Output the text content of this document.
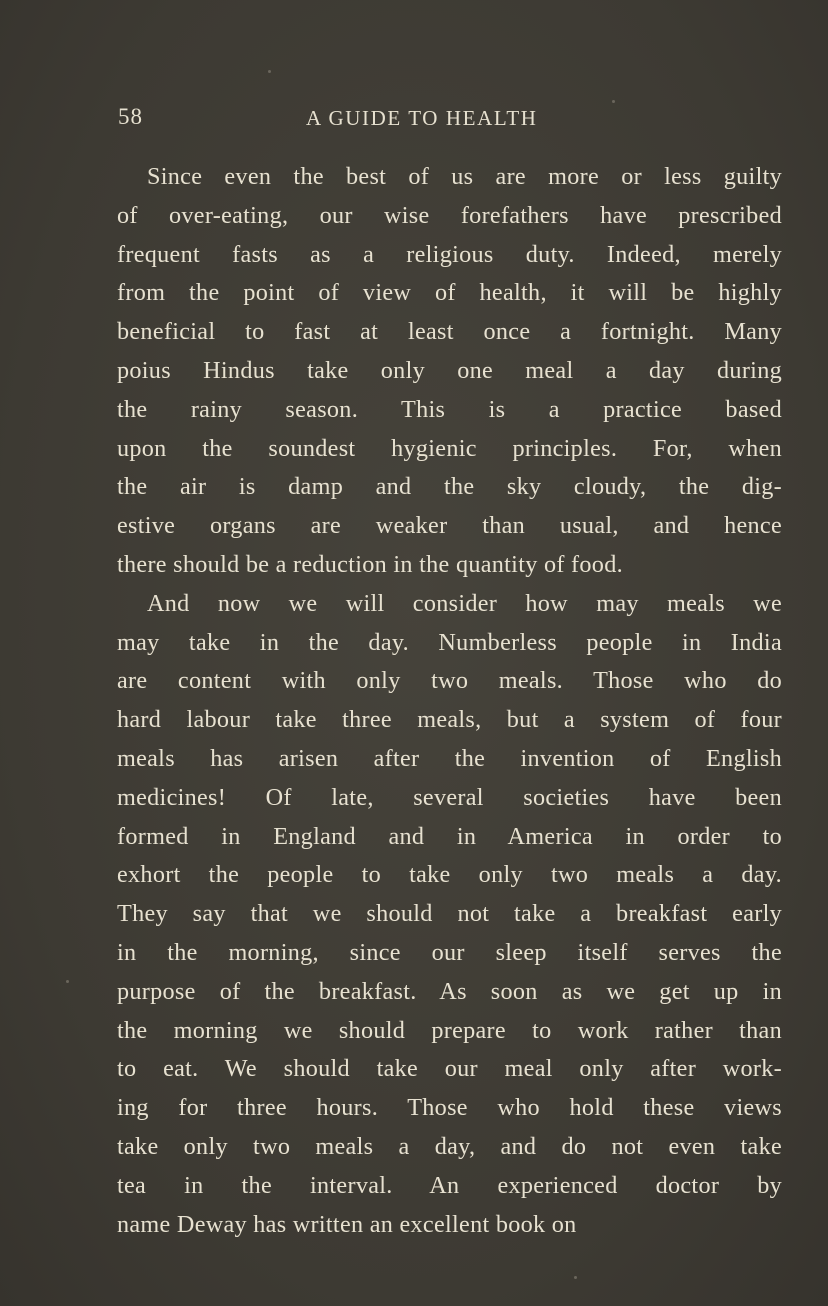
58	A GUIDE TO HEALTH

Since even the best of us are more or less guilty
of over-eating, our wise forefathers have prescribed
frequent fasts as a religious duty. Indeed, merely
from the point of view of health, it will be highly
beneficial to fast at least once a fortnight. Many
poius Hindus take only one meal a day during
the rainy season. This is a practice based
upon the soundest hygienic principles. For, when
the air is damp and the sky cloudy, the dig-
estive organs are weaker than usual, and hence
there should be a reduction in the quantity of food.

And now we will consider how may meals we
may take in the day. Numberless people in India
are content with only two meals. Those who do
hard labour take three meals, but a system of four
meals has arisen after the invention of English
medicines! Of late, several societies have been
formed in England and in America in order to
exhort the people to take only two meals a day.
They say that we should not take a breakfast early
in the morning, since our sleep itself serves the
purpose of the breakfast. As soon as we get up in
the morning we should prepare to work rather than
to eat. We should take our meal only after work-
ing for three hours. Those who hold these views
take only two meals a day, and do not even take
tea in the interval. An experienced doctor by
name Deway has written an excellent book on
